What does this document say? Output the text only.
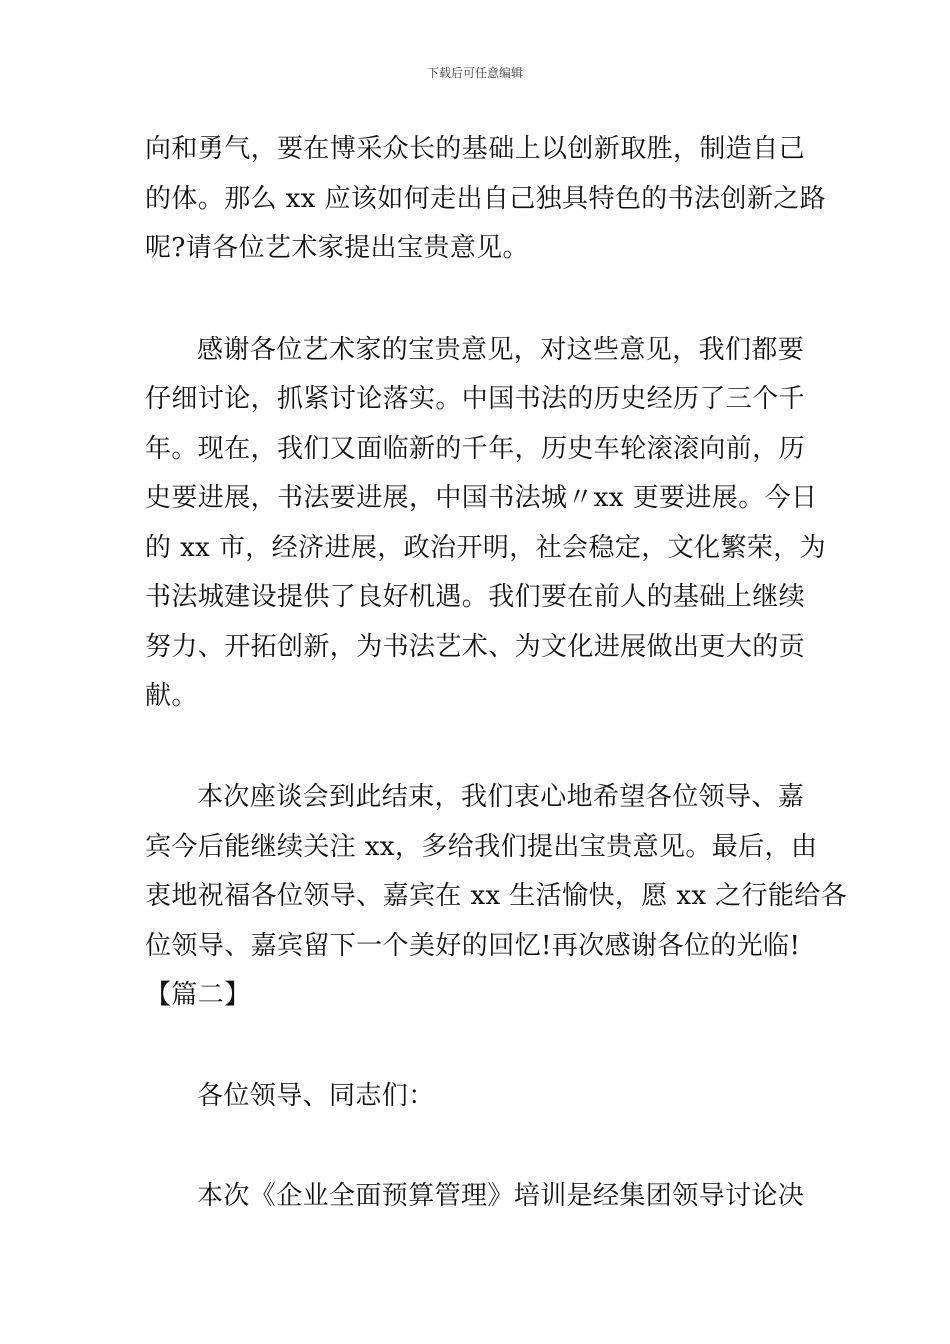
下载后可任意编辑
向和勇气，要在博采众长的基础上以创新取胜，制造自己
的体。那么 xx 应该如何走出自己独具特色的书法创新之路
呢?请各位艺术家提出宝贵意见。
感谢各位艺术家的宝贵意见，对这些意见，我们都要
仔细讨论，抓紧讨论落实。中国书法的历史经历了三个千
年。现在，我们又面临新的千年，历史车轮滚滚向前，历
史要进展，书法要进展，中国书法城〃xx 更要进展。今日
的 xx 市，经济进展，政治开明，社会稳定，文化繁荣，为
书法城建设提供了良好机遇。我们要在前人的基础上继续
努力、开拓创新，为书法艺术、为文化进展做出更大的贡
献。
本次座谈会到此结束，我们衷心地希望各位领导、嘉
宾今后能继续关注 xx，多给我们提出宝贵意见。最后，由
衷地祝福各位领导、嘉宾在 xx 生活愉快，愿 xx 之行能给各
位领导、嘉宾留下一个美好的回忆!再次感谢各位的光临!
【篇二】
各位领导、同志们：
本次《企业全面预算管理》培训是经集团领导讨论决
